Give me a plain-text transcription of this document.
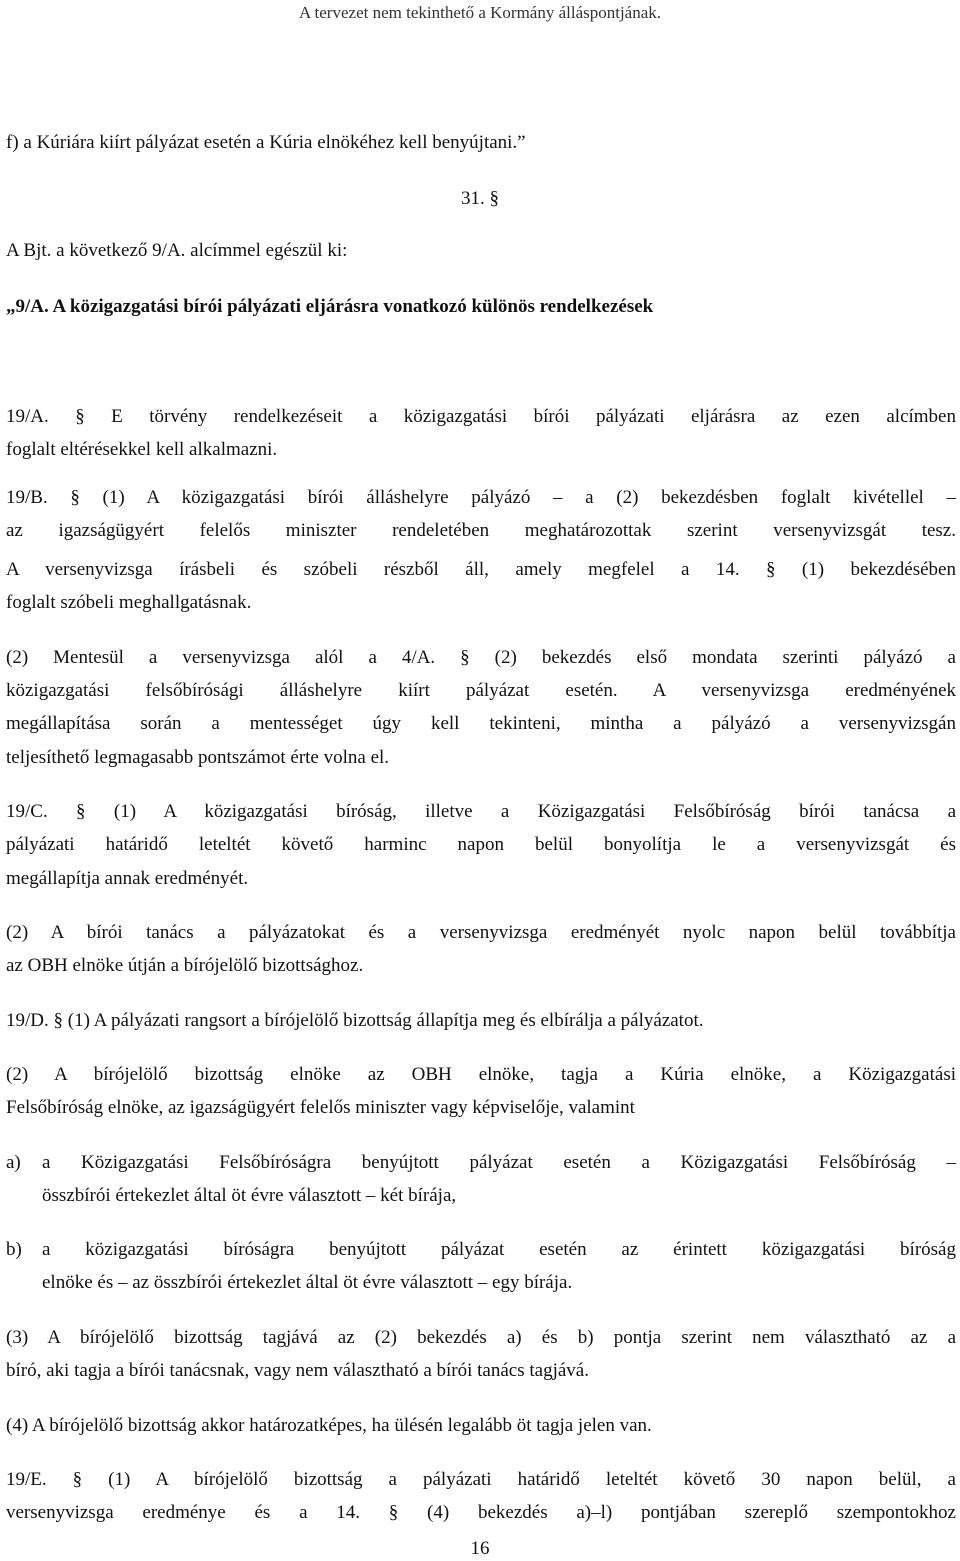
A tervezet nem tekinthető a Kormány álláspontjának.
f) a Kúriára kiírt pályázat esetén a Kúria elnökéhez kell benyújtani.”
31. §
A Bjt. a következő 9/A. alcímmel egészül ki:
„9/A. A közigazgatási bírói pályázati eljárásra vonatkozó különös rendelkezések
19/A. § E törvény rendelkezéseit a közigazgatási bírói pályázati eljárásra az ezen alcímben
foglalt eltérésekkel kell alkalmazni.
19/B. § (1) A közigazgatási bírói álláshelyre pályázó – a (2) bekezdésben foglalt kivétellel –
az igazságügyért felelős miniszter rendeletében meghatározottak szerint versenyvizsgát tesz.
A versenyvizsga írásbeli és szóbeli részből áll, amely megfelel a 14. § (1) bekezdésében
foglalt szóbeli meghallgatásnak.
(2) Mentesül a versenyvizsga alól a 4/A. § (2) bekezdés első mondata szerinti pályázó a
közigazgatási felsőbírósági álláshelyre kiírt pályázat esetén. A versenyvizsga eredményének
megállapítása során a mentességet úgy kell tekinteni, mintha a pályázó a versenyvizsgán
teljesíthető legmagasabb pontszámot érte volna el.
19/C. § (1) A közigazgatási bíróság, illetve a Közigazgatási Felsőbíróság bírói tanácsa a
pályázati határidő leteltét követő harminc napon belül bonyolítja le a versenyvizsgát és
megállapítja annak eredményét.
(2) A bírói tanács a pályázatokat és a versenyvizsga eredményét nyolc napon belül továbbítja
az OBH elnöke útján a bírójelölő bizottsághoz.
19/D. § (1) A pályázati rangsort a bírójelölő bizottság állapítja meg és elbírálja a pályázatot.
(2) A bírójelölő bizottság elnöke az OBH elnöke, tagja a Kúria elnöke, a Közigazgatási
Felsőbíróság elnöke, az igazságügyért felelős miniszter vagy képviselője, valamint
a) a Közigazgatási Felsőbíróságra benyújtott pályázat esetén a Közigazgatási Felsőbíróság –
összbírói értekezlet által öt évre választott – két bírája,
b) a közigazgatási bíróságra benyújtott pályázat esetén az érintett közigazgatási bíróság
elnöke és – az összbírói értekezlet által öt évre választott – egy bírája.
(3) A bírójelölő bizottság tagjává az (2) bekezdés a) és b) pontja szerint nem választható az a
bíró, aki tagja a bírói tanácsnak, vagy nem választható a bírói tanács tagjává.
(4) A bírójelölő bizottság akkor határozatképes, ha ülésén legalább öt tagja jelen van.
19/E. § (1) A bírójelölő bizottság a pályázati határidő leteltét követő 30 napon belül, a
versenyvizsga eredménye és a 14. § (4) bekezdés a)–l) pontjában szereplő szempontokhoz
16
